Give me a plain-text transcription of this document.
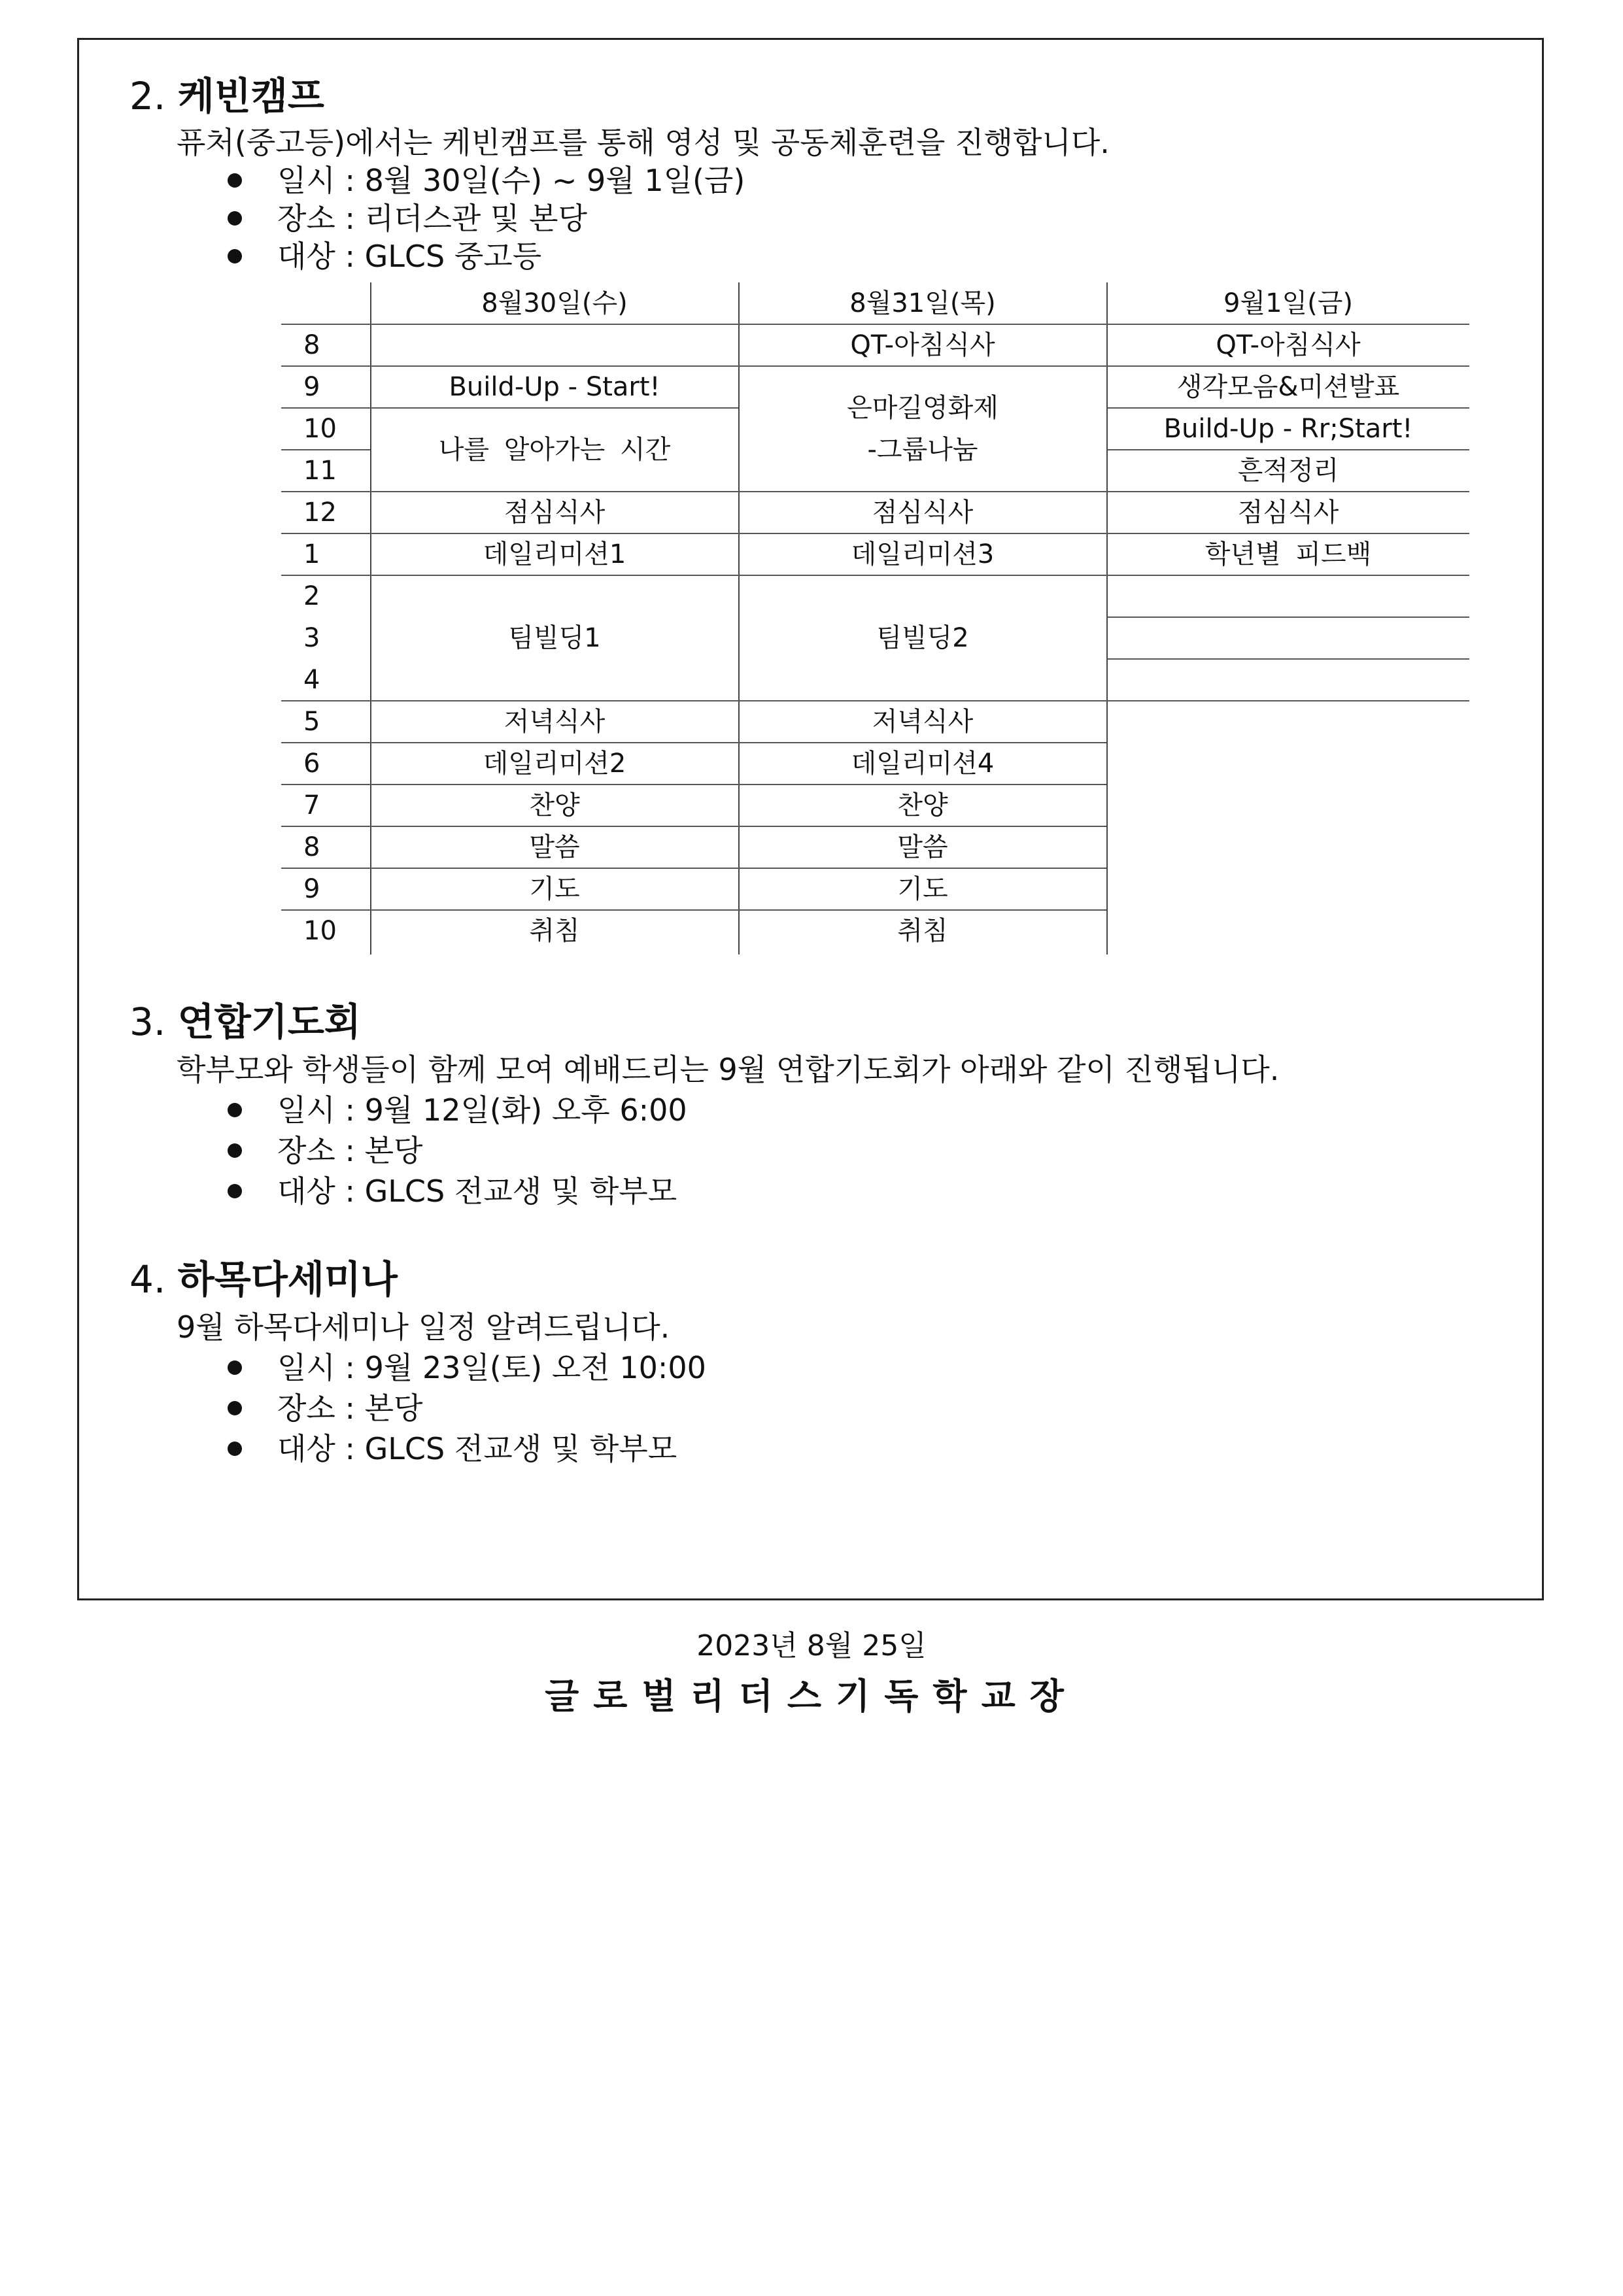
2. 케빈캠프
퓨처(중고등)에서는 케빈캠프를 통해 영성 및 공동체훈련을 진행합니다.
일시 : 8월 30일(수) ~ 9월 1일(금)
장소 : 리더스관 및 본당
대상 : GLCS 중고등
8월30일(수)	8월31일(목)	9월1일(금)
8
9
10
11
12
1
2
3
4
5
6
7
8
9
10
Build-Up - Start!
나를 알아가는 시간
점심식사
데일리미션1
팀빌딩1
저녁식사
데일리미션2
찬양
말씀
기도
취침
QT-아침식사
은마길영화제
-그룹나눔
점심식사
데일리미션3
팀빌딩2
저녁식사
데일리미션4
찬양
말씀
기도
취침
QT-아침식사
생각모음&미션발표
Build-Up - Rr;Start!
흔적정리
점심식사
학년별 피드백
3. 연합기도회
학부모와 학생들이 함께 모여 예배드리는 9월 연합기도회가 아래와 같이 진행됩니다.
일시 : 9월 12일(화) 오후 6:00
장소 : 본당
대상 : GLCS 전교생 및 학부모
4. 하목다세미나
9월 하목다세미나 일정 알려드립니다.
일시 : 9월 23일(토) 오전 10:00
장소 : 본당
대상 : GLCS 전교생 및 학부모
2023년 8월 25일
글로벌리더스기독학교장
